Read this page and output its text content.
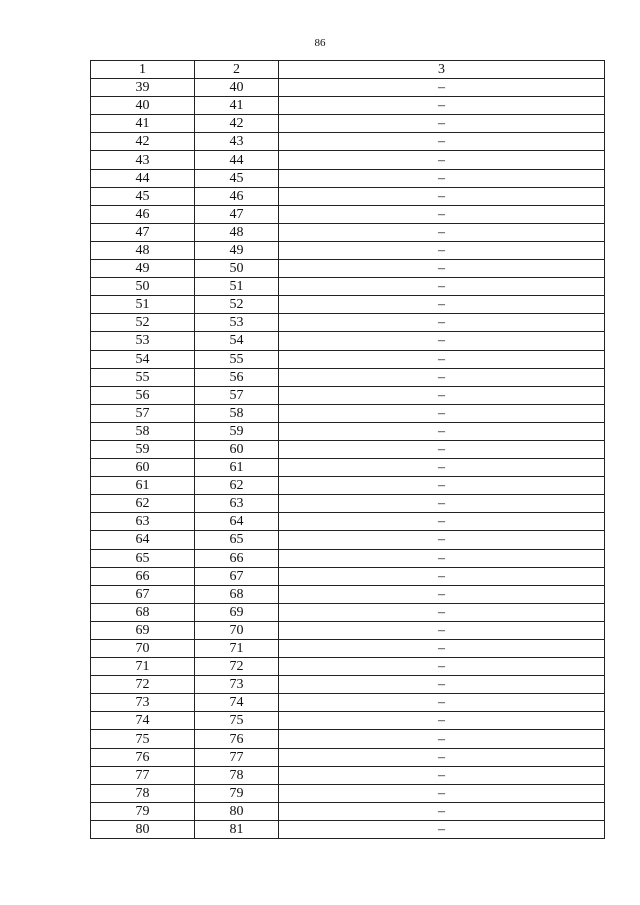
86
1	2	3
39	40	–
40	41	–
41	42	–
42	43	–
43	44	–
44	45	–
45	46	–
46	47	–
47	48	–
48	49	–
49	50	–
50	51	–
51	52	–
52	53	–
53	54	–
54	55	–
55	56	–
56	57	–
57	58	–
58	59	–
59	60	–
60	61	–
61	62	–
62	63	–
63	64	–
64	65	–
65	66	–
66	67	–
67	68	–
68	69	–
69	70	–
70	71	–
71	72	–
72	73	–
73	74	–
74	75	–
75	76	–
76	77	–
77	78	–
78	79	–
79	80	–
80	81	–
